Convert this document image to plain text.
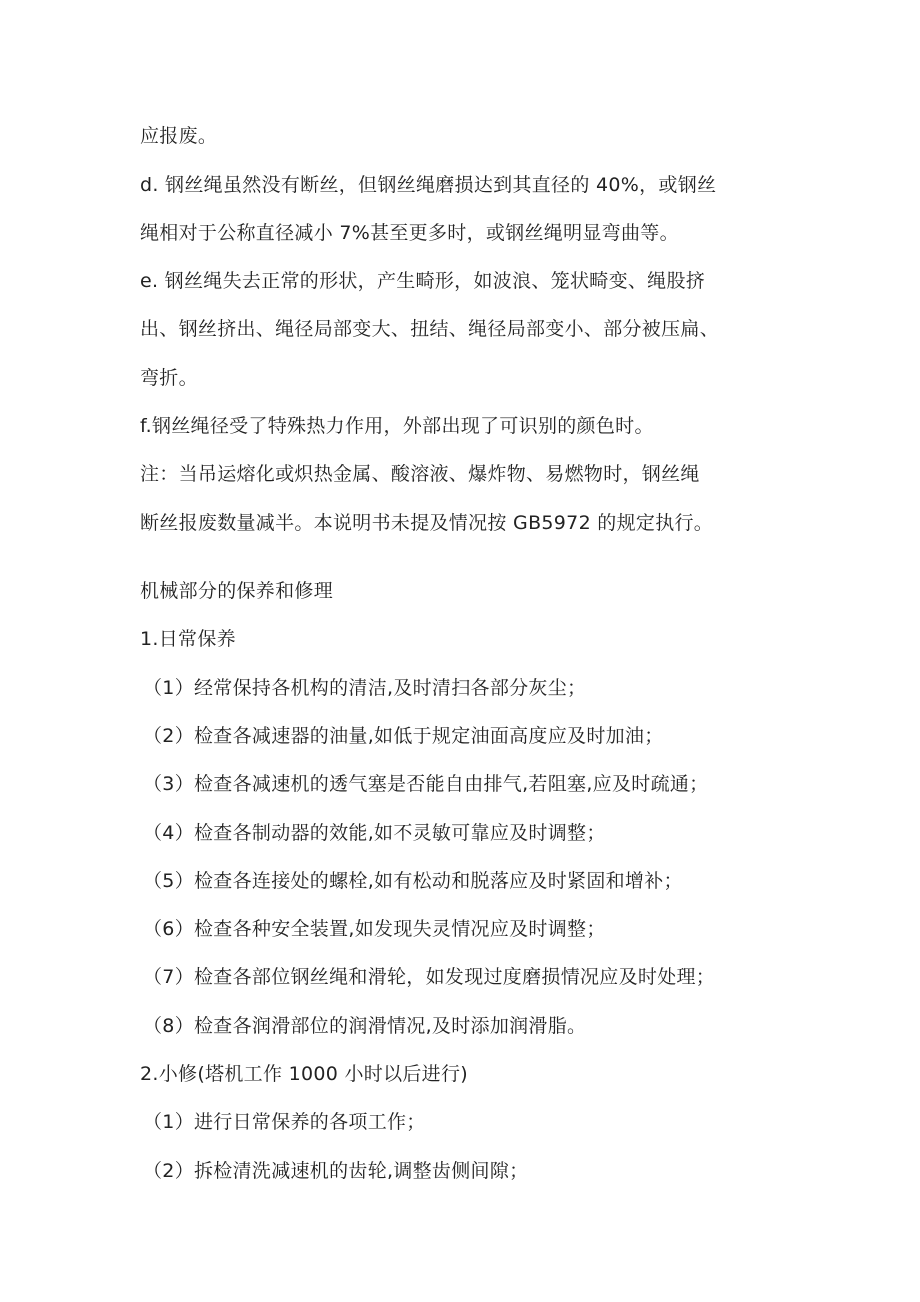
应报废。
d. 钢丝绳虽然没有断丝，但钢丝绳磨损达到其直径的 40%，或钢丝
绳相对于公称直径减小 7%甚至更多时，或钢丝绳明显弯曲等。
e. 钢丝绳失去正常的形状，产生畸形，如波浪、笼状畸变、绳股挤
出、钢丝挤出、绳径局部变大、扭结、绳径局部变小、部分被压扁、
弯折。
f.钢丝绳径受了特殊热力作用，外部出现了可识别的颜色时。
注：当吊运熔化或炽热金属、酸溶液、爆炸物、易燃物时，钢丝绳
断丝报废数量减半。本说明书未提及情况按 GB5972 的规定执行。
机械部分的保养和修理
1.日常保养
（1）经常保持各机构的清洁,及时清扫各部分灰尘；
（2）检查各减速器的油量,如低于规定油面高度应及时加油；
（3）检查各减速机的透气塞是否能自由排气,若阻塞,应及时疏通；
（4）检查各制动器的效能,如不灵敏可靠应及时调整；
（5）检查各连接处的螺栓,如有松动和脱落应及时紧固和增补；
（6）检查各种安全装置,如发现失灵情况应及时调整；
（7）检查各部位钢丝绳和滑轮，如发现过度磨损情况应及时处理；
（8）检查各润滑部位的润滑情况,及时添加润滑脂。
2.小修(塔机工作 1000 小时以后进行)
（1）进行日常保养的各项工作；
（2）拆检清洗减速机的齿轮,调整齿侧间隙；
